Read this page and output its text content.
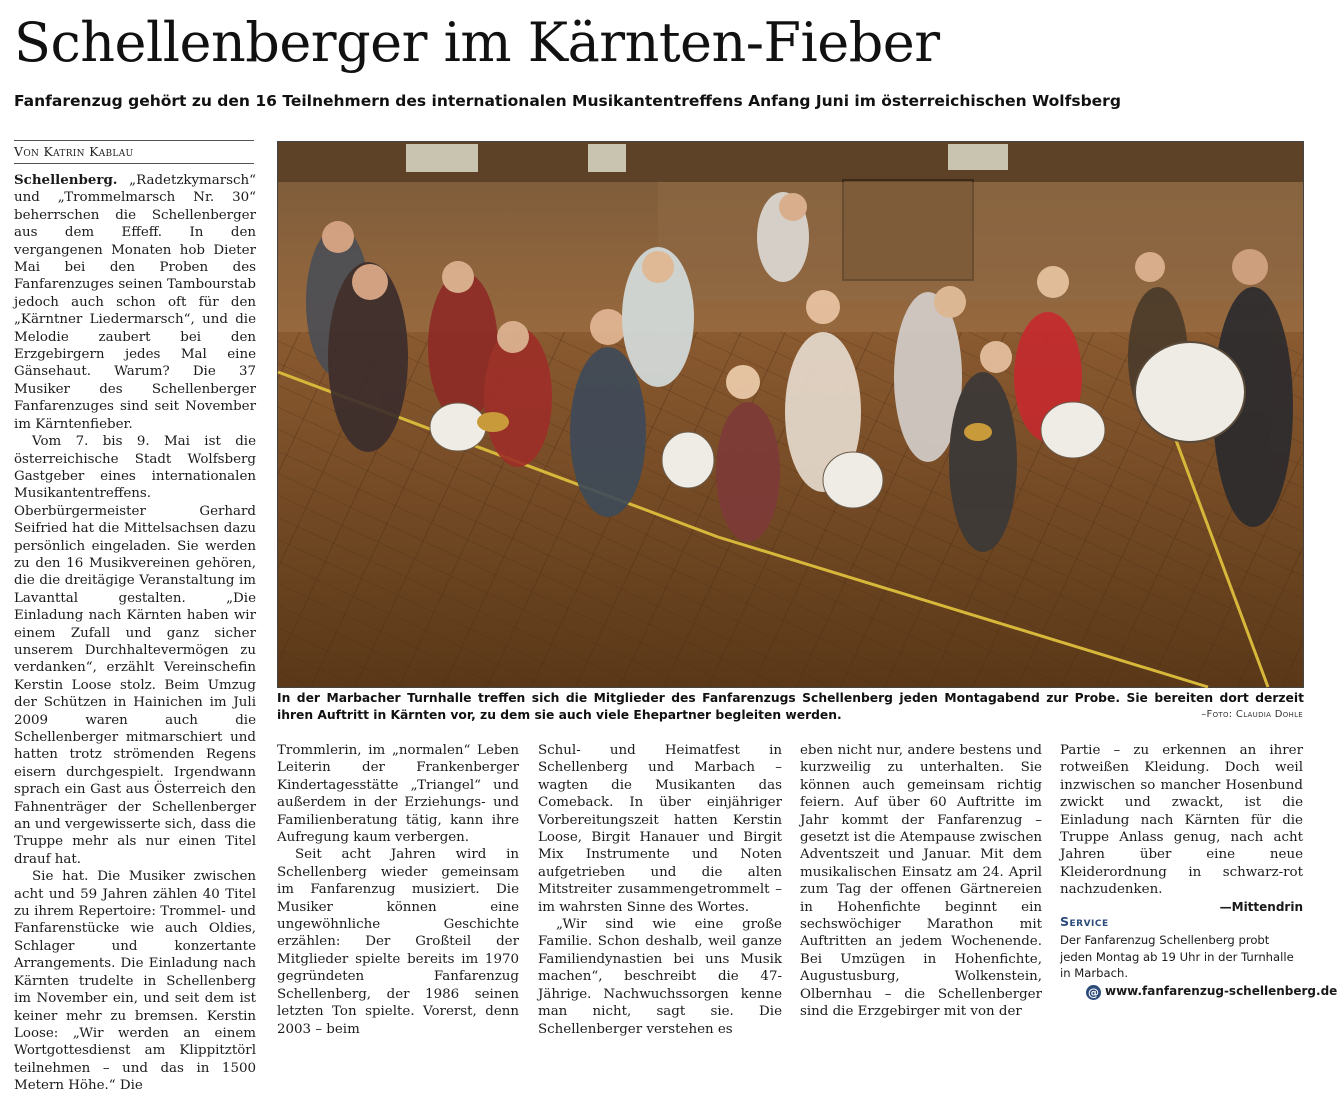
Schellenberger im Kärnten-Fieber
Fanfarenzug gehört zu den 16 Teilnehmern des internationalen Musikantentreffens Anfang Juni im österreichischen Wolfsberg
Von Katrin Kablau

Schellenberg. „Radetzkymarsch“ und „Trommelmarsch Nr. 30“ beherrschen die Schellenberger aus dem Effeff. In den vergangenen Monaten hob Dieter Mai bei den Proben des Fanfarenzuges seinen Tambourstab jedoch auch schon oft für den „Kärntner Liedermarsch“, und die Melodie zaubert bei den Erzgebirgern jedes Mal eine Gänsehaut. Warum? Die 37 Musiker des Schellenberger Fanfarenzuges sind seit November im Kärntenfieber.

Vom 7. bis 9. Mai ist die österreichische Stadt Wolfsberg Gastgeber eines internationalen Musikantentreffens. Oberbürgermeister Gerhard Seifried hat die Mittelsachsen dazu persönlich eingeladen. Sie werden zu den 16 Musikvereinen gehören, die die dreitägige Veranstaltung im Lavanttal gestalten. „Die Einladung nach Kärnten haben wir einem Zufall und ganz sicher unserem Durchhaltevermögen zu verdanken“, erzählt Vereinschefin Kerstin Loose stolz. Beim Umzug der Schützen in Hainichen im Juli 2009 waren auch die Schellenberger mitmarschiert und hatten trotz strömenden Regens eisern durchgespielt. Irgendwann sprach ein Gast aus Österreich den Fahnenträger der Schellenberger an und vergewisserte sich, dass die Truppe mehr als nur einen Titel drauf hat.

Sie hat. Die Musiker zwischen acht und 59 Jahren zählen 40 Titel zu ihrem Repertoire: Trommel- und Fanfarenstücke wie auch Oldies, Schlager und konzertante Arrangements. Die Einladung nach Kärnten trudelte in Schellenberg im November ein, und seit dem ist keiner mehr zu bremsen. Kerstin Loose: „Wir werden an einem Wortgottesdienst am Klippitztörl teilnehmen – und das in 1500 Metern Höhe.“ Die

In der Marbacher Turnhalle treffen sich die Mitglieder des Fanfarenzugs Schellenberg jeden Montagabend zur Probe. Sie bereiten dort derzeit ihren Auftritt in Kärnten vor, zu dem sie auch viele Ehepartner begleiten werden.	–Foto: Claudia Dohle

Trommlerin, im „normalen“ Leben Leiterin der Frankenberger Kindertagesstätte „Triangel“ und außerdem in der Erziehungs- und Familienberatung tätig, kann ihre Aufregung kaum verbergen.

Seit acht Jahren wird in Schellenberg wieder gemeinsam im Fanfarenzug musiziert. Die Musiker können eine ungewöhnliche Geschichte erzählen: Der Großteil der Mitglieder spielte bereits im 1970 gegründeten Fanfarenzug Schellenberg, der 1986 seinen letzten Ton spielte. Vorerst, denn 2003 – beim

Schul- und Heimatfest in Schellenberg und Marbach – wagten die Musikanten das Comeback. In über einjähriger Vorbereitungszeit hatten Kerstin Loose, Birgit Hanauer und Birgit Mix Instrumente und Noten aufgetrieben und die alten Mitstreiter zusammengetrommelt – im wahrsten Sinne des Wortes.

„Wir sind wie eine große Familie. Schon deshalb, weil ganze Familiendynastien bei uns Musik machen“, beschreibt die 47-Jährige. Nachwuchssorgen kenne man nicht, sagt sie. Die Schellenberger verstehen es

eben nicht nur, andere bestens und kurzweilig zu unterhalten. Sie können auch gemeinsam richtig feiern. Auf über 60 Auftritte im Jahr kommt der Fanfarenzug – gesetzt ist die Atempause zwischen Adventszeit und Januar. Mit dem musikalischen Einsatz am 24. April zum Tag der offenen Gärtnereien in Hohenfichte beginnt ein sechswöchiger Marathon mit Auftritten an jedem Wochenende. Bei Umzügen in Hohenfichte, Augustusburg, Wolkenstein, Olbernhau – die Schellenberger sind die Erzgebirger mit von der

Partie – zu erkennen an ihrer rotweißen Kleidung. Doch weil inzwischen so mancher Hosenbund zwickt und zwackt, ist die Einladung nach Kärnten für die Truppe Anlass genug, nach acht Jahren über eine neue Kleiderordnung in schwarz-rot nachzudenken.

—Mittendrin
Service
Der Fanfarenzug Schellenberg probt jeden Montag ab 19 Uhr in der Turnhalle in Marbach.
@ www.fanfarenzug-schellenberg.de
